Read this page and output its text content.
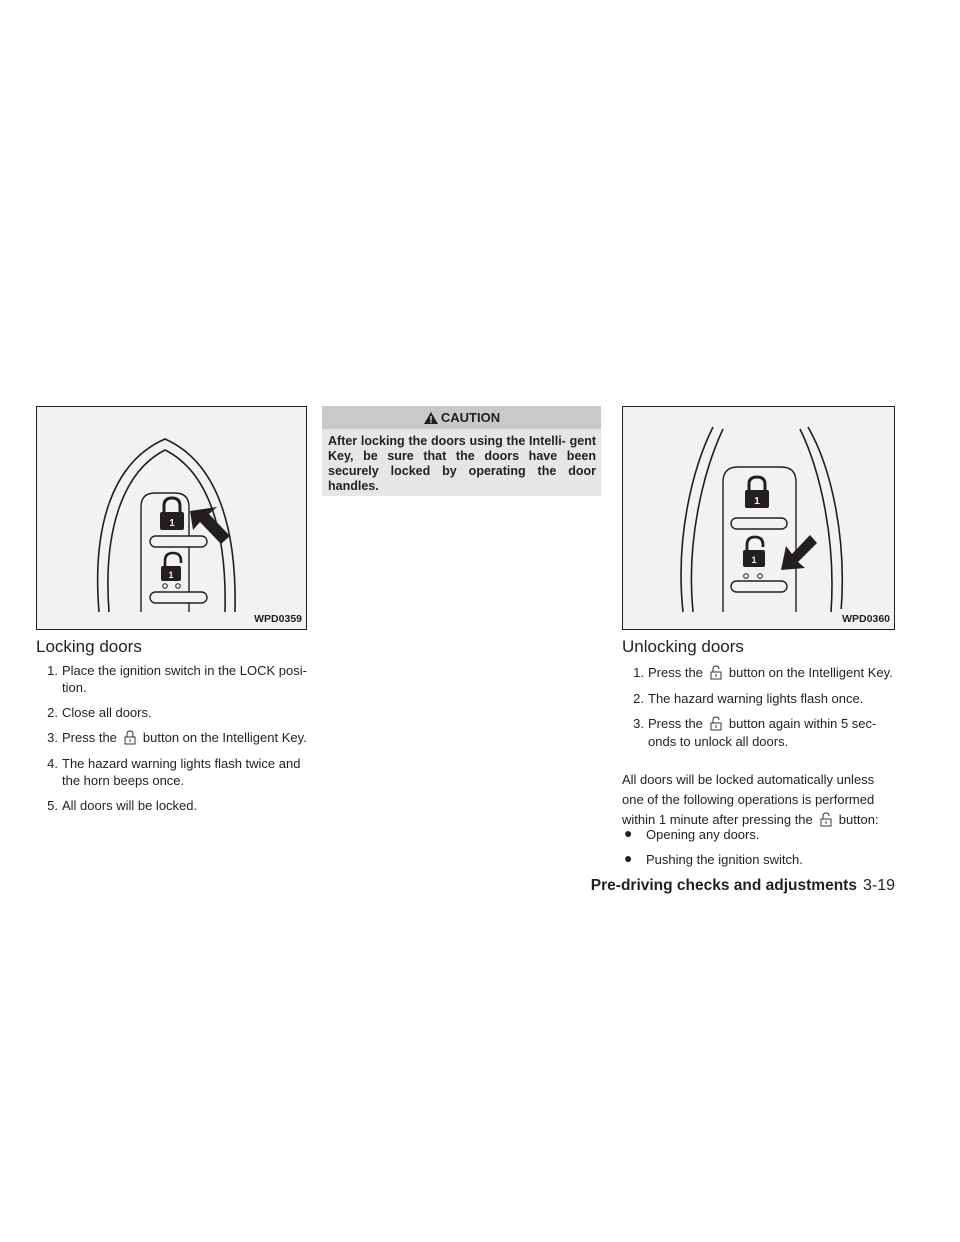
1
1
WPD0359
Locking doors
1. Place the ignition switch in the LOCK posi- tion.
2. Close all doors.
3. Press the button on the Intelligent Key.
4. The hazard warning lights flash twice and the horn beeps once.
5. All doors will be locked.
CAUTION
After locking the doors using the Intelli- gent Key, be sure that the doors have been securely locked by operating the door handles.
1
1
WPD0360
Unlocking doors
1. Press the button on the Intelligent Key.
2. The hazard warning lights flash once.
3. Press the button again within 5 sec- onds to unlock all doors.

All doors will be locked automatically unless one of the following operations is performed within 1 minute after pressing the button:

● Opening any doors.
● Pushing the ignition switch.
Pre-driving checks and adjustments 3-19
